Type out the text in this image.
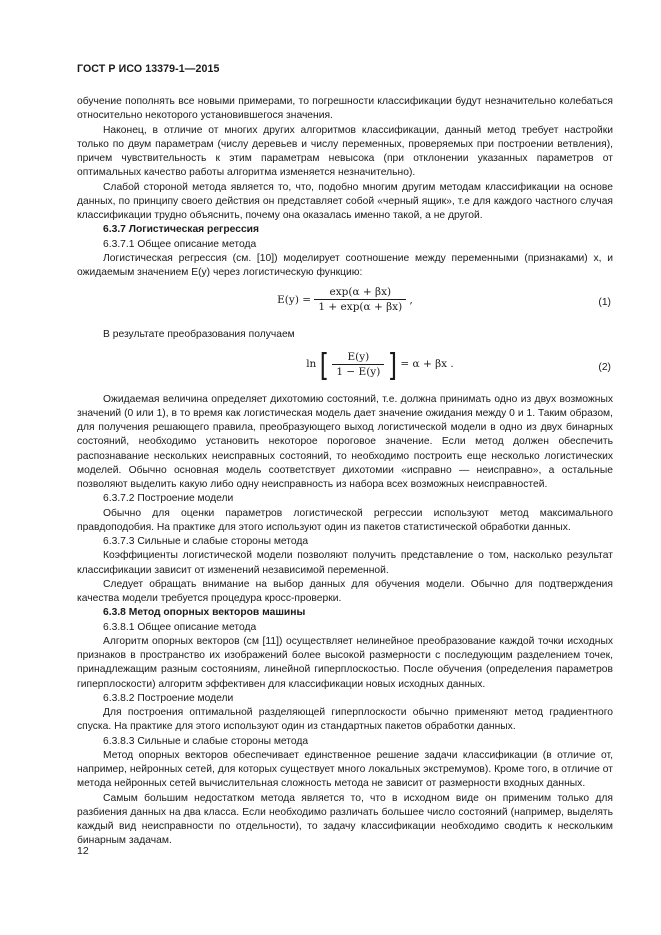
ГОСТ Р ИСО 13379-1—2015

обучение пополнять все новыми примерами, то погрешности классификации будут незначительно колебаться относительно некоторого установившегося значения.

Наконец, в отличие от многих других алгоритмов классификации, данный метод требует настройки только по двум параметрам (числу деревьев и числу переменных, проверяемых при построении ветвления), причем чувствительность к этим параметрам невысока (при отклонении указанных параметров от оптимальных качество работы алгоритма изменяется незначительно).

Слабой стороной метода является то, что, подобно многим другим методам классификации на основе данных, по принципу своего действия он представляет собой «черный ящик», т.е для каждого частного случая классификации трудно объяснить, почему она оказалась именно такой, а не другой.

6.3.7 Логистическая регрессия

6.3.7.1 Общее описание метода

Логистическая регрессия (см. [10]) моделирует соотношение между переменными (признаками) x, и ожидаемым значением E(y) через логистическую функцию:

$E(y) = \frac{\exp(\alpha + \beta x)}{1 + \exp(\alpha + \beta x)}$ ,	(1)

В результате преобразования получаем

ln [ $\frac{E(y)}{1 - E(y)}$ ] = α + βx .	(2)

Ожидаемая величина определяет дихотомию состояний, т.е. должна принимать одно из двух возможных значений (0 или 1), в то время как логистическая модель дает значение ожидания между 0 и 1. Таким образом, для получения решающего правила, преобразующего выход логистической модели в одно из двух бинарных состояний, необходимо установить некоторое пороговое значение. Если метод должен обеспечить распознавание нескольких неисправных состояний, то необходимо построить еще несколько логистических моделей. Обычно основная модель соответствует дихотомии «исправно — неисправно», а остальные позволяют выделить какую либо одну неисправность из набора всех возможных неисправностей.

6.3.7.2 Построение модели

Обычно для оценки параметров логистической регрессии используют метод максимального правдоподобия. На практике для этого используют один из пакетов статистической обработки данных.

6.3.7.3 Сильные и слабые стороны метода

Коэффициенты логистической модели позволяют получить представление о том, насколько результат классификации зависит от изменений независимой переменной.

Следует обращать внимание на выбор данных для обучения модели. Обычно для подтверждения качества модели требуется процедура кросс-проверки.

6.3.8 Метод опорных векторов машины

6.3.8.1 Общее описание метода

Алгоритм опорных векторов (см [11]) осуществляет нелинейное преобразование каждой точки исходных признаков в пространство их изображений более высокой размерности с последующим разделением точек, принадлежащим разным состояниям, линейной гиперплоскостью. После обучения (определения параметров гиперплоскости) алгоритм эффективен для классификации новых исходных данных.

6.3.8.2 Построение модели

Для построения оптимальной разделяющей гиперплоскости обычно применяют метод градиентного спуска. На практике для этого используют один из стандартных пакетов обработки данных.

6.3.8.3 Сильные и слабые стороны метода

Метод опорных векторов обеспечивает единственное решение задачи классификации (в отличие от, например, нейронных сетей, для которых существует много локальных экстремумов). Кроме того, в отличие от метода нейронных сетей вычислительная сложность метода не зависит от размерности входных данных.

Самым большим недостатком метода является то, что в исходном виде он применим только для разбиения данных на два класса. Если необходимо различать большее число состояний (например, выделять каждый вид неисправности по отдельности), то задачу классификации необходимо сводить к нескольким бинарным задачам.

12
